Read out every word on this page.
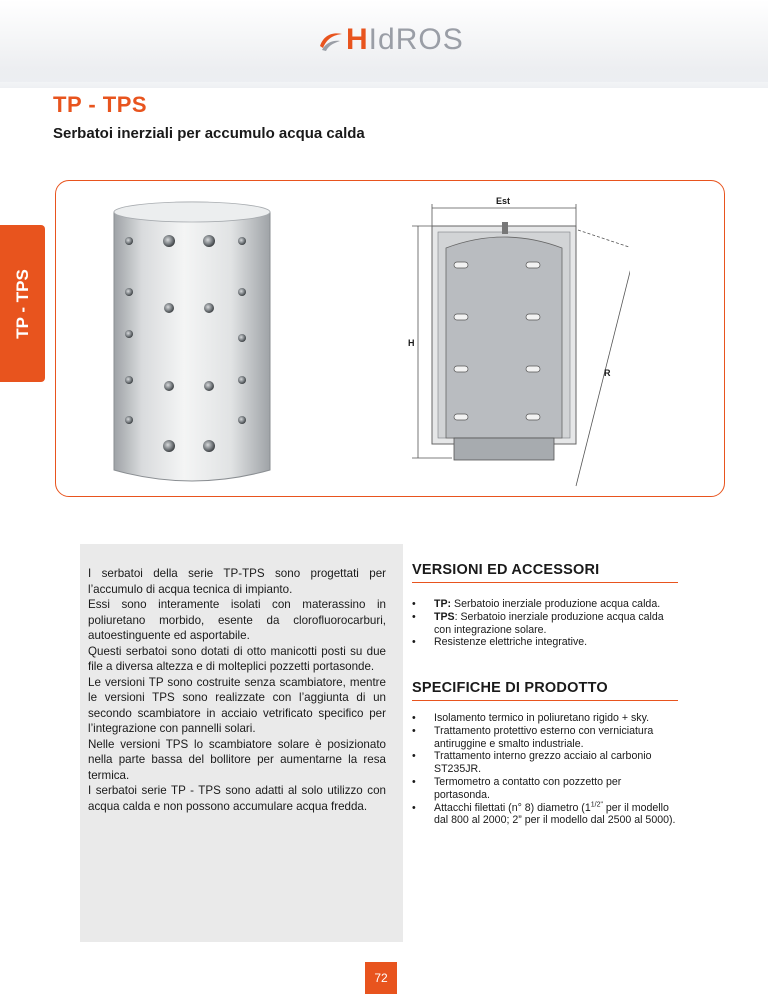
HIdROS
TP - TPS
Serbatoi inerziali per accumulo acqua calda
TP - TPS
Est
H
R

I serbatoi della serie TP-TPS sono progettati per l’accumulo di acqua tecnica di impianto.

Essi sono interamente isolati con materassino in poliuretano morbido, esente da clorofluorocarburi, autoestinguente ed asportabile.

Questi serbatoi sono dotati di otto manicotti posti su due file a diversa altezza e di molteplici pozzetti portasonde.

Le versioni TP sono costruite senza scambiatore, mentre le versioni TPS sono realizzate con l’aggiunta di un secondo scambiatore in acciaio vetrificato specifico per l’integrazione con pannelli solari.

Nelle versioni TPS lo scambiatore solare è posizionato nella parte bassa del bollitore per aumentarne la resa termica.

I serbatoi serie TP - TPS sono adatti al solo utilizzo con acqua calda e non possono accumulare acqua fredda.

VERSIONI ED ACCESSORI
• TP: Serbatoio inerziale produzione acqua calda.
• TPS: Serbatoio inerziale produzione acqua calda con integrazione solare.
• Resistenze elettriche integrative.
SPECIFICHE DI PRODOTTO
• Isolamento termico in poliuretano rigido + sky.
• Trattamento protettivo esterno con verniciatura antiruggine e smalto industriale.
• Trattamento interno grezzo acciaio al carbonio ST235JR.
• Termometro a contatto con pozzetto per portasonda.
• Attacchi filettati (n° 8) diametro ($1^{1/2"}$ per il modello dal 800 al 2000; 2” per il modello dal 2500 al 5000).
72
